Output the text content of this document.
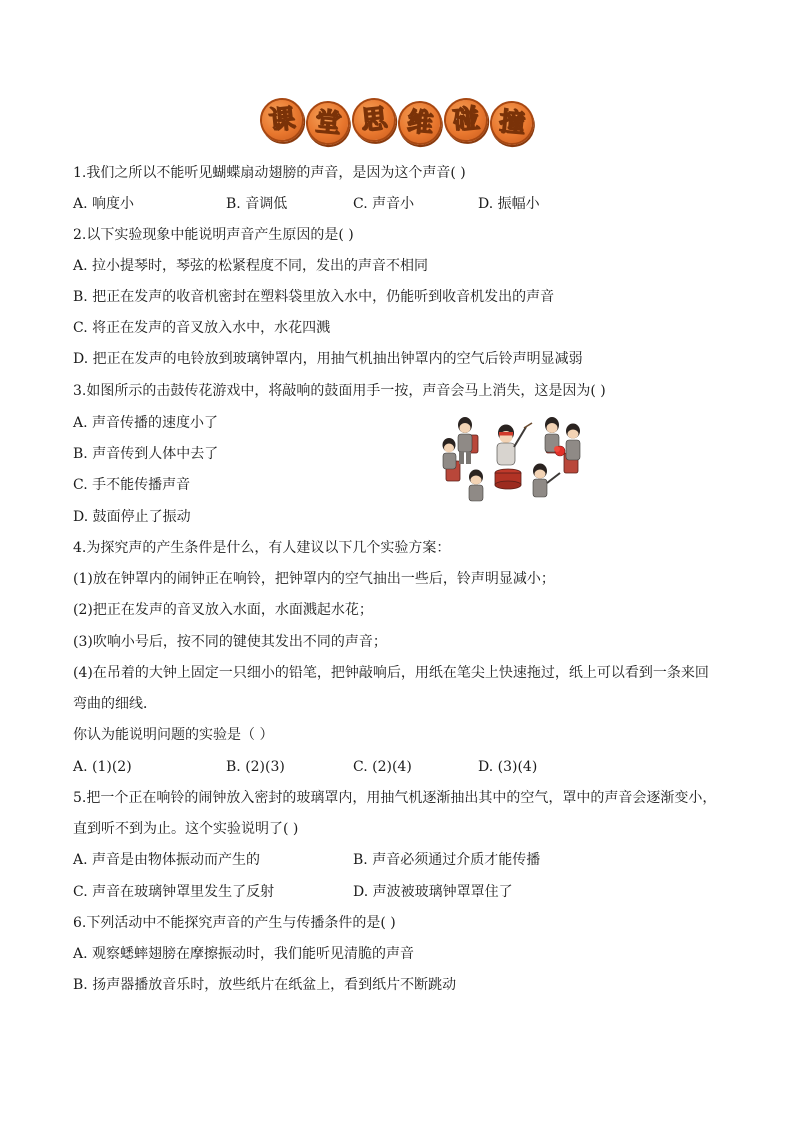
课 堂 思 维 碰 撞
1.我们之所以不能听见蝴蝶扇动翅膀的声音，是因为这个声音( )
A. 响度小	B. 音调低	C. 声音小	D. 振幅小
2.以下实验现象中能说明声音产生原因的是( )
A. 拉小提琴时，琴弦的松紧程度不同，发出的声音不相同
B. 把正在发声的收音机密封在塑料袋里放入水中，仍能听到收音机发出的声音
C. 将正在发声的音叉放入水中，水花四溅
D. 把正在发声的电铃放到玻璃钟罩内，用抽气机抽出钟罩内的空气后铃声明显减弱
3.如图所示的击鼓传花游戏中，将敲响的鼓面用手一按，声音会马上消失，这是因为( )
A. 声音传播的速度小了
B. 声音传到人体中去了
C. 手不能传播声音
D. 鼓面停止了振动
4.为探究声的产生条件是什么，有人建议以下几个实验方案：
(1)放在钟罩内的闹钟正在响铃，把钟罩内的空气抽出一些后，铃声明显减小；
(2)把正在发声的音叉放入水面，水面溅起水花；
(3)吹响小号后，按不同的键使其发出不同的声音；
(4)在吊着的大钟上固定一只细小的铅笔，把钟敲响后，用纸在笔尖上快速拖过，纸上可以看到一条来回
弯曲的细线．
你认为能说明问题的实验是（ ）
A. (1)(2)	B. (2)(3)	C. (2)(4)	D. (3)(4)
5.把一个正在响铃的闹钟放入密封的玻璃罩内，用抽气机逐渐抽出其中的空气，罩中的声音会逐渐变小，
直到听不到为止。这个实验说明了( )
A. 声音是由物体振动而产生的	B. 声音必须通过介质才能传播
C. 声音在玻璃钟罩里发生了反射	D. 声波被玻璃钟罩罩住了
6.下列活动中不能探究声音的产生与传播条件的是( )
A. 观察蟋蟀翅膀在摩擦振动时，我们能听见清脆的声音
B. 扬声器播放音乐时，放些纸片在纸盆上，看到纸片不断跳动
